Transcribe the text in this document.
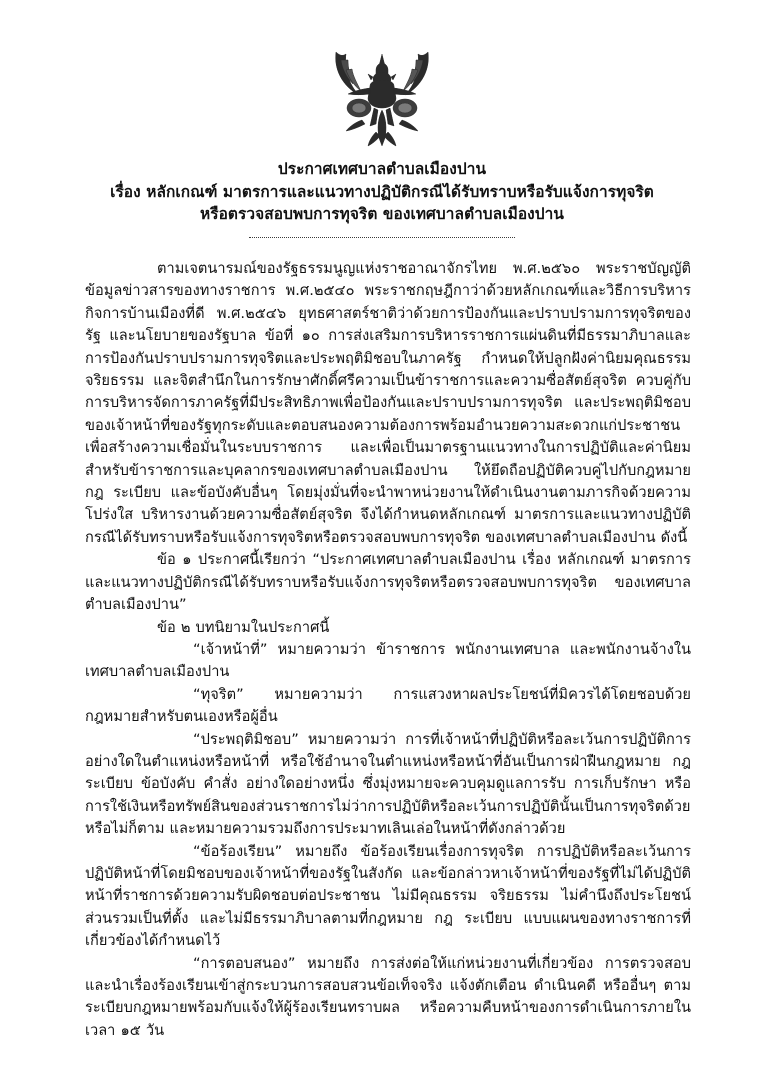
ประกาศเทศบาลตำบลเมืองปาน
เรื่อง หลักเกณฑ์ มาตรการและแนวทางปฏิบัติกรณีได้รับทราบหรือรับแจ้งการทุจริต
หรือตรวจสอบพบการทุจริต ของเทศบาลตำบลเมืองปาน

ตามเจตนารมณ์ของรัฐธรรมนูญแห่งราชอาณาจักรไทย พ.ศ.๒๕๖๐ พระราชบัญญัติข้อมูลข่าวสารของทางราชการ พ.ศ.๒๕๔๐ พระราชกฤษฎีกาว่าด้วยหลักเกณฑ์และวิธีการบริหารกิจการบ้านเมืองที่ดี พ.ศ.๒๕๔๖ ยุทธศาสตร์ชาติว่าด้วยการป้องกันและปราบปรามการทุจริตของรัฐ และนโยบายของรัฐบาล ข้อที่ ๑๐ การส่งเสริมการบริหารราชการแผ่นดินที่มีธรรมาภิบาลและการป้องกันปราบปรามการทุจริตและประพฤติมิชอบในภาครัฐ กำหนดให้ปลูกฝังค่านิยมคุณธรรม จริยธรรม และจิตสำนึกในการรักษาศักดิ์ศรีความเป็นข้าราชการและความซื่อสัตย์สุจริต ควบคู่กับการบริหารจัดการภาครัฐที่มีประสิทธิภาพเพื่อป้องกันและปราบปรามการทุจริต และประพฤติมิชอบของเจ้าหน้าที่ของรัฐทุกระดับและตอบสนองความต้องการพร้อมอำนวยความสะดวกแก่ประชาชนเพื่อสร้างความเชื่อมั่นในระบบราชการ และเพื่อเป็นมาตรฐานแนวทางในการปฏิบัติและค่านิยมสำหรับข้าราชการและบุคลากรของเทศบาลตำบลเมืองปาน ให้ยึดถือปฏิบัติควบคู่ไปกับกฎหมาย กฎ ระเบียบ และข้อบังคับอื่นๆ โดยมุ่งมั่นที่จะนำพาหน่วยงานให้ดำเนินงานตามภารกิจด้วยความโปร่งใส บริหารงานด้วยความซื่อสัตย์สุจริต จึงได้กำหนดหลักเกณฑ์ มาตรการและแนวทางปฏิบัติกรณีได้รับทราบหรือรับแจ้งการทุจริตหรือตรวจสอบพบการทุจริต ของเทศบาลตำบลเมืองปาน ดังนี้

ข้อ ๑ ประกาศนี้เรียกว่า “ประกาศเทศบาลตำบลเมืองปาน เรื่อง หลักเกณฑ์ มาตรการและแนวทางปฏิบัติกรณีได้รับทราบหรือรับแจ้งการทุจริตหรือตรวจสอบพบการทุจริต ของเทศบาลตำบลเมืองปาน”

ข้อ ๒ บทนิยามในประกาศนี้

“เจ้าหน้าที่” หมายความว่า ข้าราชการ พนักงานเทศบาล และพนักงานจ้างในเทศบาลตำบลเมืองปาน

“ทุจริต” หมายความว่า การแสวงหาผลประโยชน์ที่มิควรได้โดยชอบด้วยกฎหมายสำหรับตนเองหรือผู้อื่น

“ประพฤติมิชอบ” หมายความว่า การที่เจ้าหน้าที่ปฏิบัติหรือละเว้นการปฏิบัติการอย่างใดในตำแหน่งหรือหน้าที่ หรือใช้อำนาจในตำแหน่งหรือหน้าที่อันเป็นการฝ่าฝืนกฎหมาย กฎ ระเบียบ ข้อบังคับ คำสั่ง อย่างใดอย่างหนึ่ง ซึ่งมุ่งหมายจะควบคุมดูแลการรับ การเก็บรักษา หรือการใช้เงินหรือทรัพย์สินของส่วนราชการไม่ว่าการปฏิบัติหรือละเว้นการปฏิบัตินั้นเป็นการทุจริตด้วยหรือไม่ก็ตาม และหมายความรวมถึงการประมาทเลินเล่อในหน้าที่ดังกล่าวด้วย

“ข้อร้องเรียน” หมายถึง ข้อร้องเรียนเรื่องการทุจริต การปฏิบัติหรือละเว้นการปฏิบัติหน้าที่โดยมิชอบของเจ้าหน้าที่ของรัฐในสังกัด และข้อกล่าวหาเจ้าหน้าที่ของรัฐที่ไม่ได้ปฏิบัติหน้าที่ราชการด้วยความรับผิดชอบต่อประชาชน ไม่มีคุณธรรม จริยธรรม ไม่คำนึงถึงประโยชน์ส่วนรวมเป็นที่ตั้ง และไม่มีธรรมาภิบาลตามที่กฎหมาย กฎ ระเบียบ แบบแผนของทางราชการที่เกี่ยวข้องได้กำหนดไว้

“การตอบสนอง” หมายถึง การส่งต่อให้แก่หน่วยงานที่เกี่ยวข้อง การตรวจสอบและนำเรื่องร้องเรียนเข้าสู่กระบวนการสอบสวนข้อเท็จจริง แจ้งตักเตือน ดำเนินคดี หรืออื่นๆ ตามระเบียบกฎหมายพร้อมกับแจ้งให้ผู้ร้องเรียนทราบผล หรือความคืบหน้าของการดำเนินการภายในเวลา ๑๕ วัน
